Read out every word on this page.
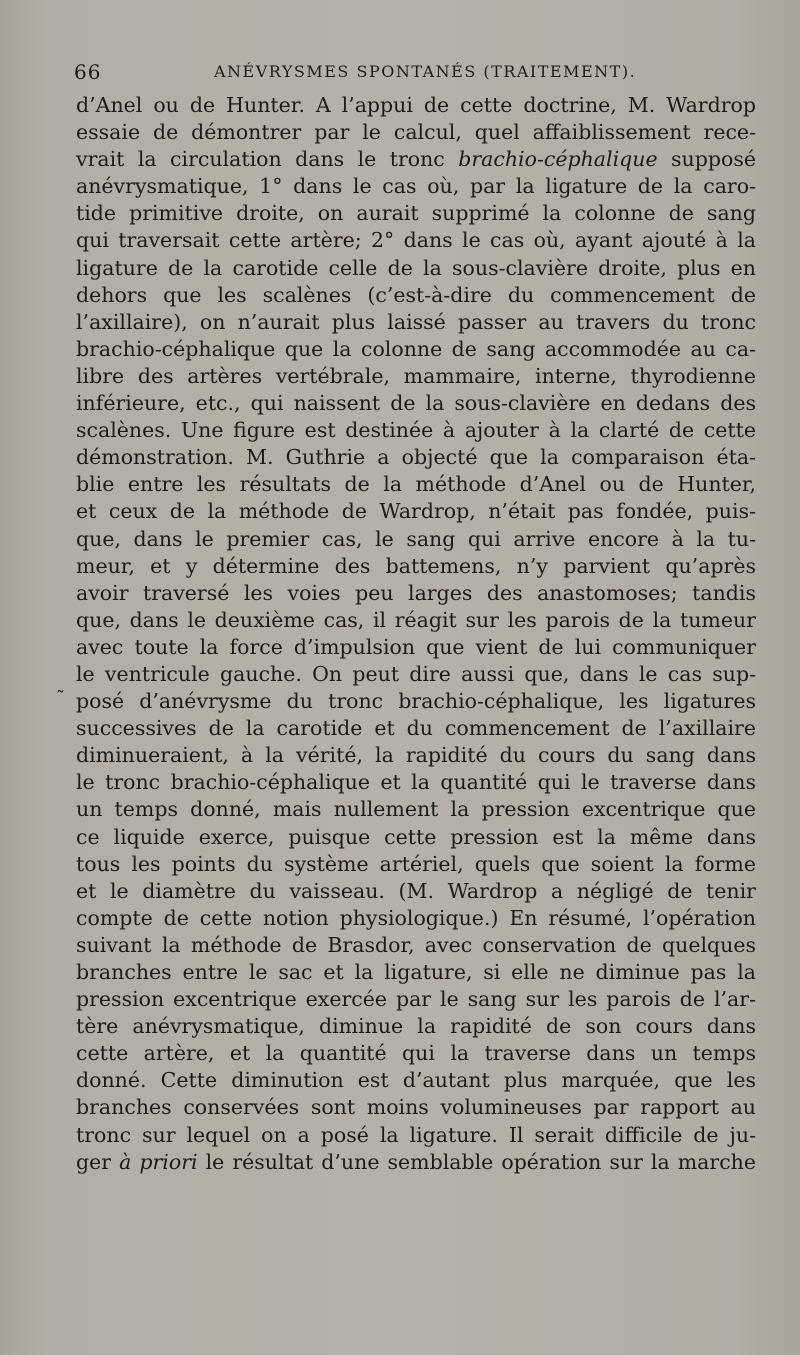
66	ANÉVRYSMES SPONTANÉS (TRAITEMENT).
˜
d’Anel ou de Hunter. A l’appui de cette doctrine, M. Wardrop
essaie de démontrer par le calcul, quel affaiblissement rece-
vrait la circulation dans le tronc brachio-céphalique supposé
anévrysmatique, 1° dans le cas où, par la ligature de la caro-
tide primitive droite, on aurait supprimé la colonne de sang
qui traversait cette artère; 2° dans le cas où, ayant ajouté à la
ligature de la carotide celle de la sous-clavière droite, plus en
dehors que les scalènes (c’est-à-dire du commencement de
l’axillaire), on n’aurait plus laissé passer au travers du tronc
brachio-céphalique que la colonne de sang accommodée au ca-
libre des artères vertébrale, mammaire, interne, thyrodienne
inférieure, etc., qui naissent de la sous-clavière en dedans des
scalènes. Une figure est destinée à ajouter à la clarté de cette
démonstration. M. Guthrie a objecté que la comparaison éta-
blie entre les résultats de la méthode d’Anel ou de Hunter,
et ceux de la méthode de Wardrop, n’était pas fondée, puis-
que, dans le premier cas, le sang qui arrive encore à la tu-
meur, et y détermine des battemens, n’y parvient qu’après
avoir traversé les voies peu larges des anastomoses; tandis
que, dans le deuxième cas, il réagit sur les parois de la tumeur
avec toute la force d’impulsion que vient de lui communiquer
le ventricule gauche. On peut dire aussi que, dans le cas sup-
posé d’anévrysme du tronc brachio-céphalique, les ligatures
successives de la carotide et du commencement de l’axillaire
diminueraient, à la vérité, la rapidité du cours du sang dans
le tronc brachio-céphalique et la quantité qui le traverse dans
un temps donné, mais nullement la pression excentrique que
ce liquide exerce, puisque cette pression est la même dans
tous les points du système artériel, quels que soient la forme
et le diamètre du vaisseau. (M. Wardrop a négligé de tenir
compte de cette notion physiologique.) En résumé, l’opération
suivant la méthode de Brasdor, avec conservation de quelques
branches entre le sac et la ligature, si elle ne diminue pas la
pression excentrique exercée par le sang sur les parois de l’ar-
tère anévrysmatique, diminue la rapidité de son cours dans
cette artère, et la quantité qui la traverse dans un temps
donné. Cette diminution est d’autant plus marquée, que les
branches conservées sont moins volumineuses par rapport au
tronc sur lequel on a posé la ligature. Il serait difficile de ju-
ger à priori le résultat d’une semblable opération sur la marche
